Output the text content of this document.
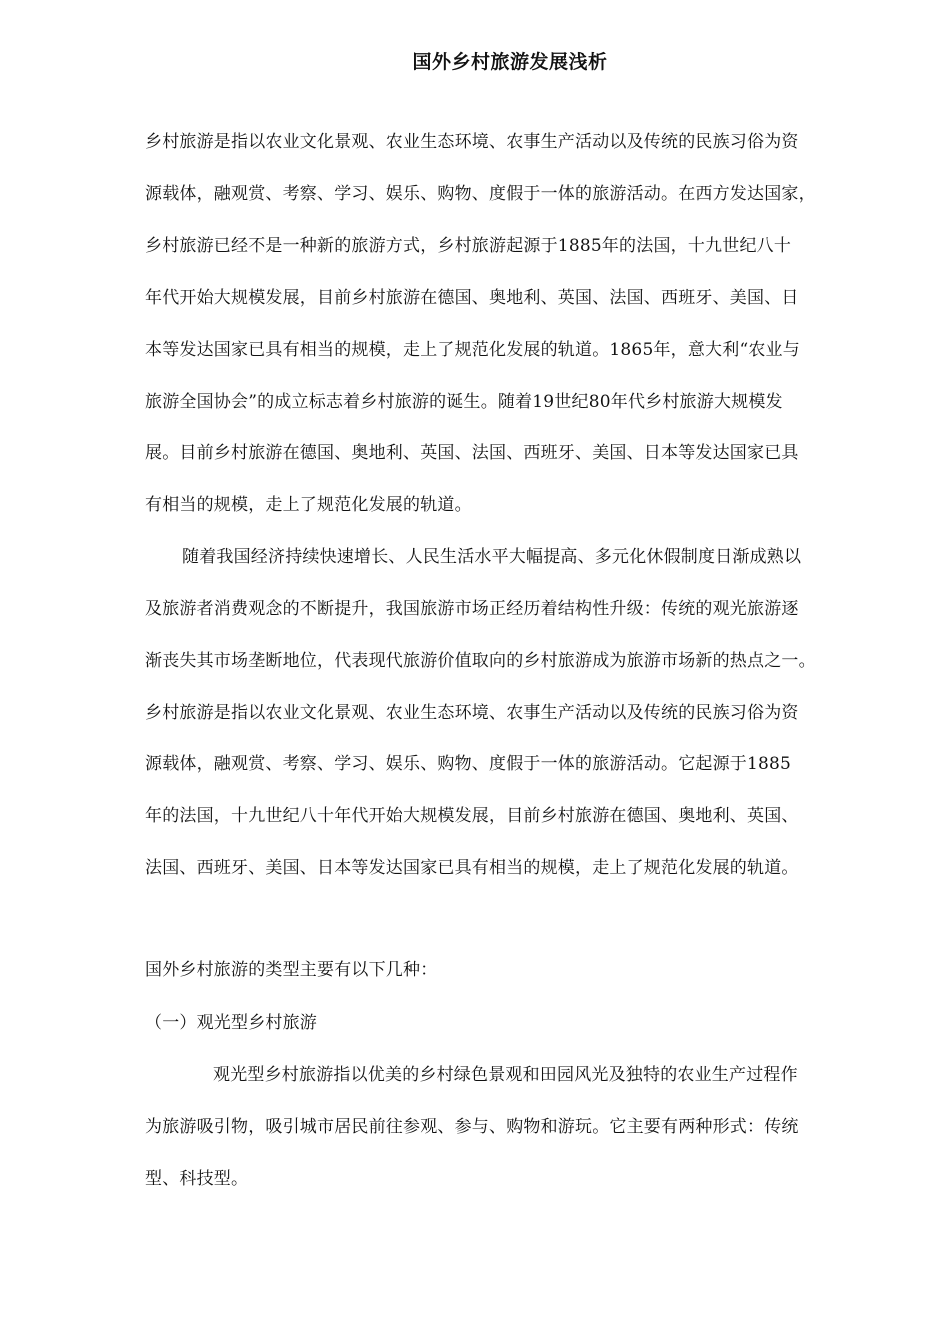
国外乡村旅游发展浅析
乡村旅游是指以农业文化景观、农业生态环境、农事生产活动以及传统的民族习俗为资
源载体，融观赏、考察、学习、娱乐、购物、度假于一体的旅游活动。在西方发达国家，
乡村旅游已经不是一种新的旅游方式，乡村旅游起源于1885年的法国，十九世纪八十
年代开始大规模发展，目前乡村旅游在德国、奥地利、英国、法国、西班牙、美国、日
本等发达国家已具有相当的规模，走上了规范化发展的轨道。1865年，意大利“农业与
旅游全国协会”的成立标志着乡村旅游的诞生。随着19世纪80年代乡村旅游大规模发
展。目前乡村旅游在德国、奥地利、英国、法国、西班牙、美国、日本等发达国家已具
有相当的规模，走上了规范化发展的轨道。
随着我国经济持续快速增长、人民生活水平大幅提高、多元化休假制度日渐成熟以
及旅游者消费观念的不断提升，我国旅游市场正经历着结构性升级：传统的观光旅游逐
渐丧失其市场垄断地位，代表现代旅游价值取向的乡村旅游成为旅游市场新的热点之一。
乡村旅游是指以农业文化景观、农业生态环境、农事生产活动以及传统的民族习俗为资
源载体，融观赏、考察、学习、娱乐、购物、度假于一体的旅游活动。它起源于1885
年的法国，十九世纪八十年代开始大规模发展，目前乡村旅游在德国、奥地利、英国、
法国、西班牙、美国、日本等发达国家已具有相当的规模，走上了规范化发展的轨道。
国外乡村旅游的类型主要有以下几种：
（一）观光型乡村旅游
观光型乡村旅游指以优美的乡村绿色景观和田园风光及独特的农业生产过程作
为旅游吸引物，吸引城市居民前往参观、参与、购物和游玩。它主要有两种形式：传统
型、科技型。
